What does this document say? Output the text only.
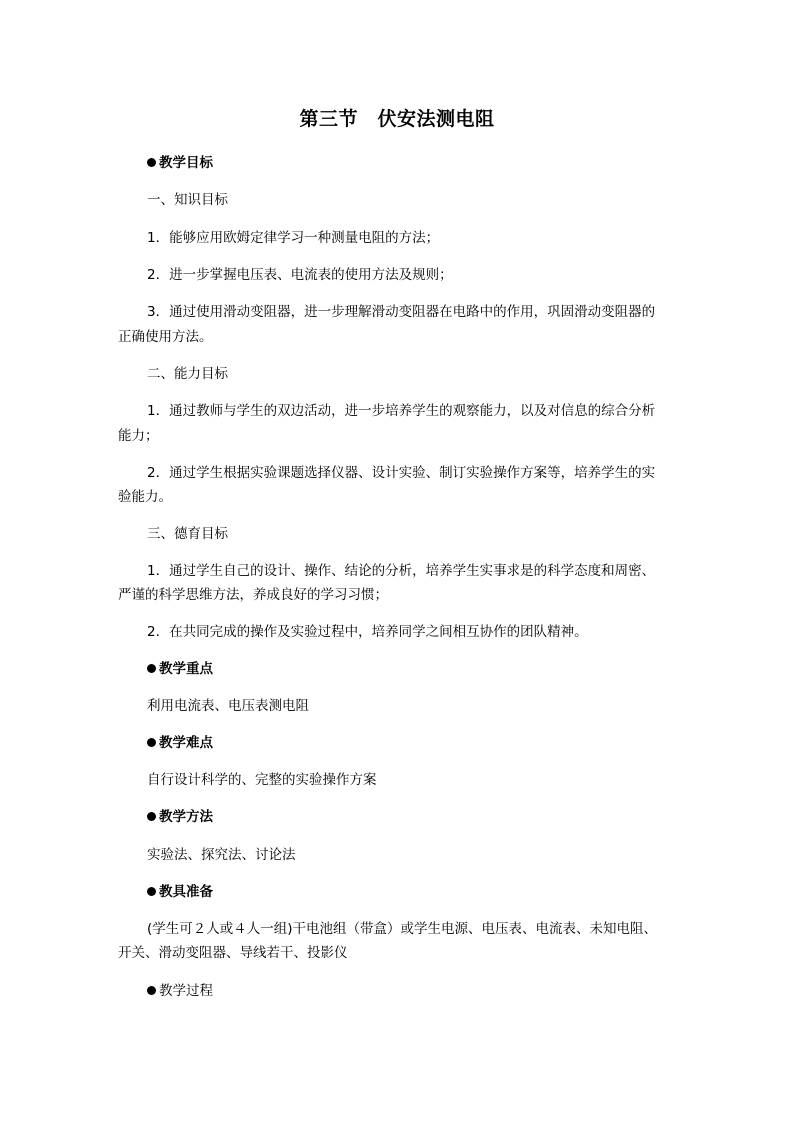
第三节　伏安法测电阻
教学目标
一、知识目标
1．能够应用欧姆定律学习一种测量电阻的方法；
2．进一步掌握电压表、电流表的使用方法及规则；
3．通过使用滑动变阻器，进一步理解滑动变阻器在电路中的作用，巩固滑动变阻器的
正确使用方法。
二、能力目标
1．通过教师与学生的双边活动，进一步培养学生的观察能力，以及对信息的综合分析
能力；
2．通过学生根据实验课题选择仪器、设计实验、制订实验操作方案等，培养学生的实
验能力。
三、德育目标
1．通过学生自己的设计、操作、结论的分析，培养学生实事求是的科学态度和周密、
严谨的科学思维方法，养成良好的学习习惯；
2．在共同完成的操作及实验过程中，培养同学之间相互协作的团队精神。
教学重点
利用电流表、电压表测电阻
教学难点
自行设计科学的、完整的实验操作方案
教学方法
实验法、探究法、讨论法
教具准备
(学生可２人或４人一组)干电池组（带盒）或学生电源、电压表、电流表、未知电阻、
开关、滑动变阻器、导线若干、投影仪
教学过程
